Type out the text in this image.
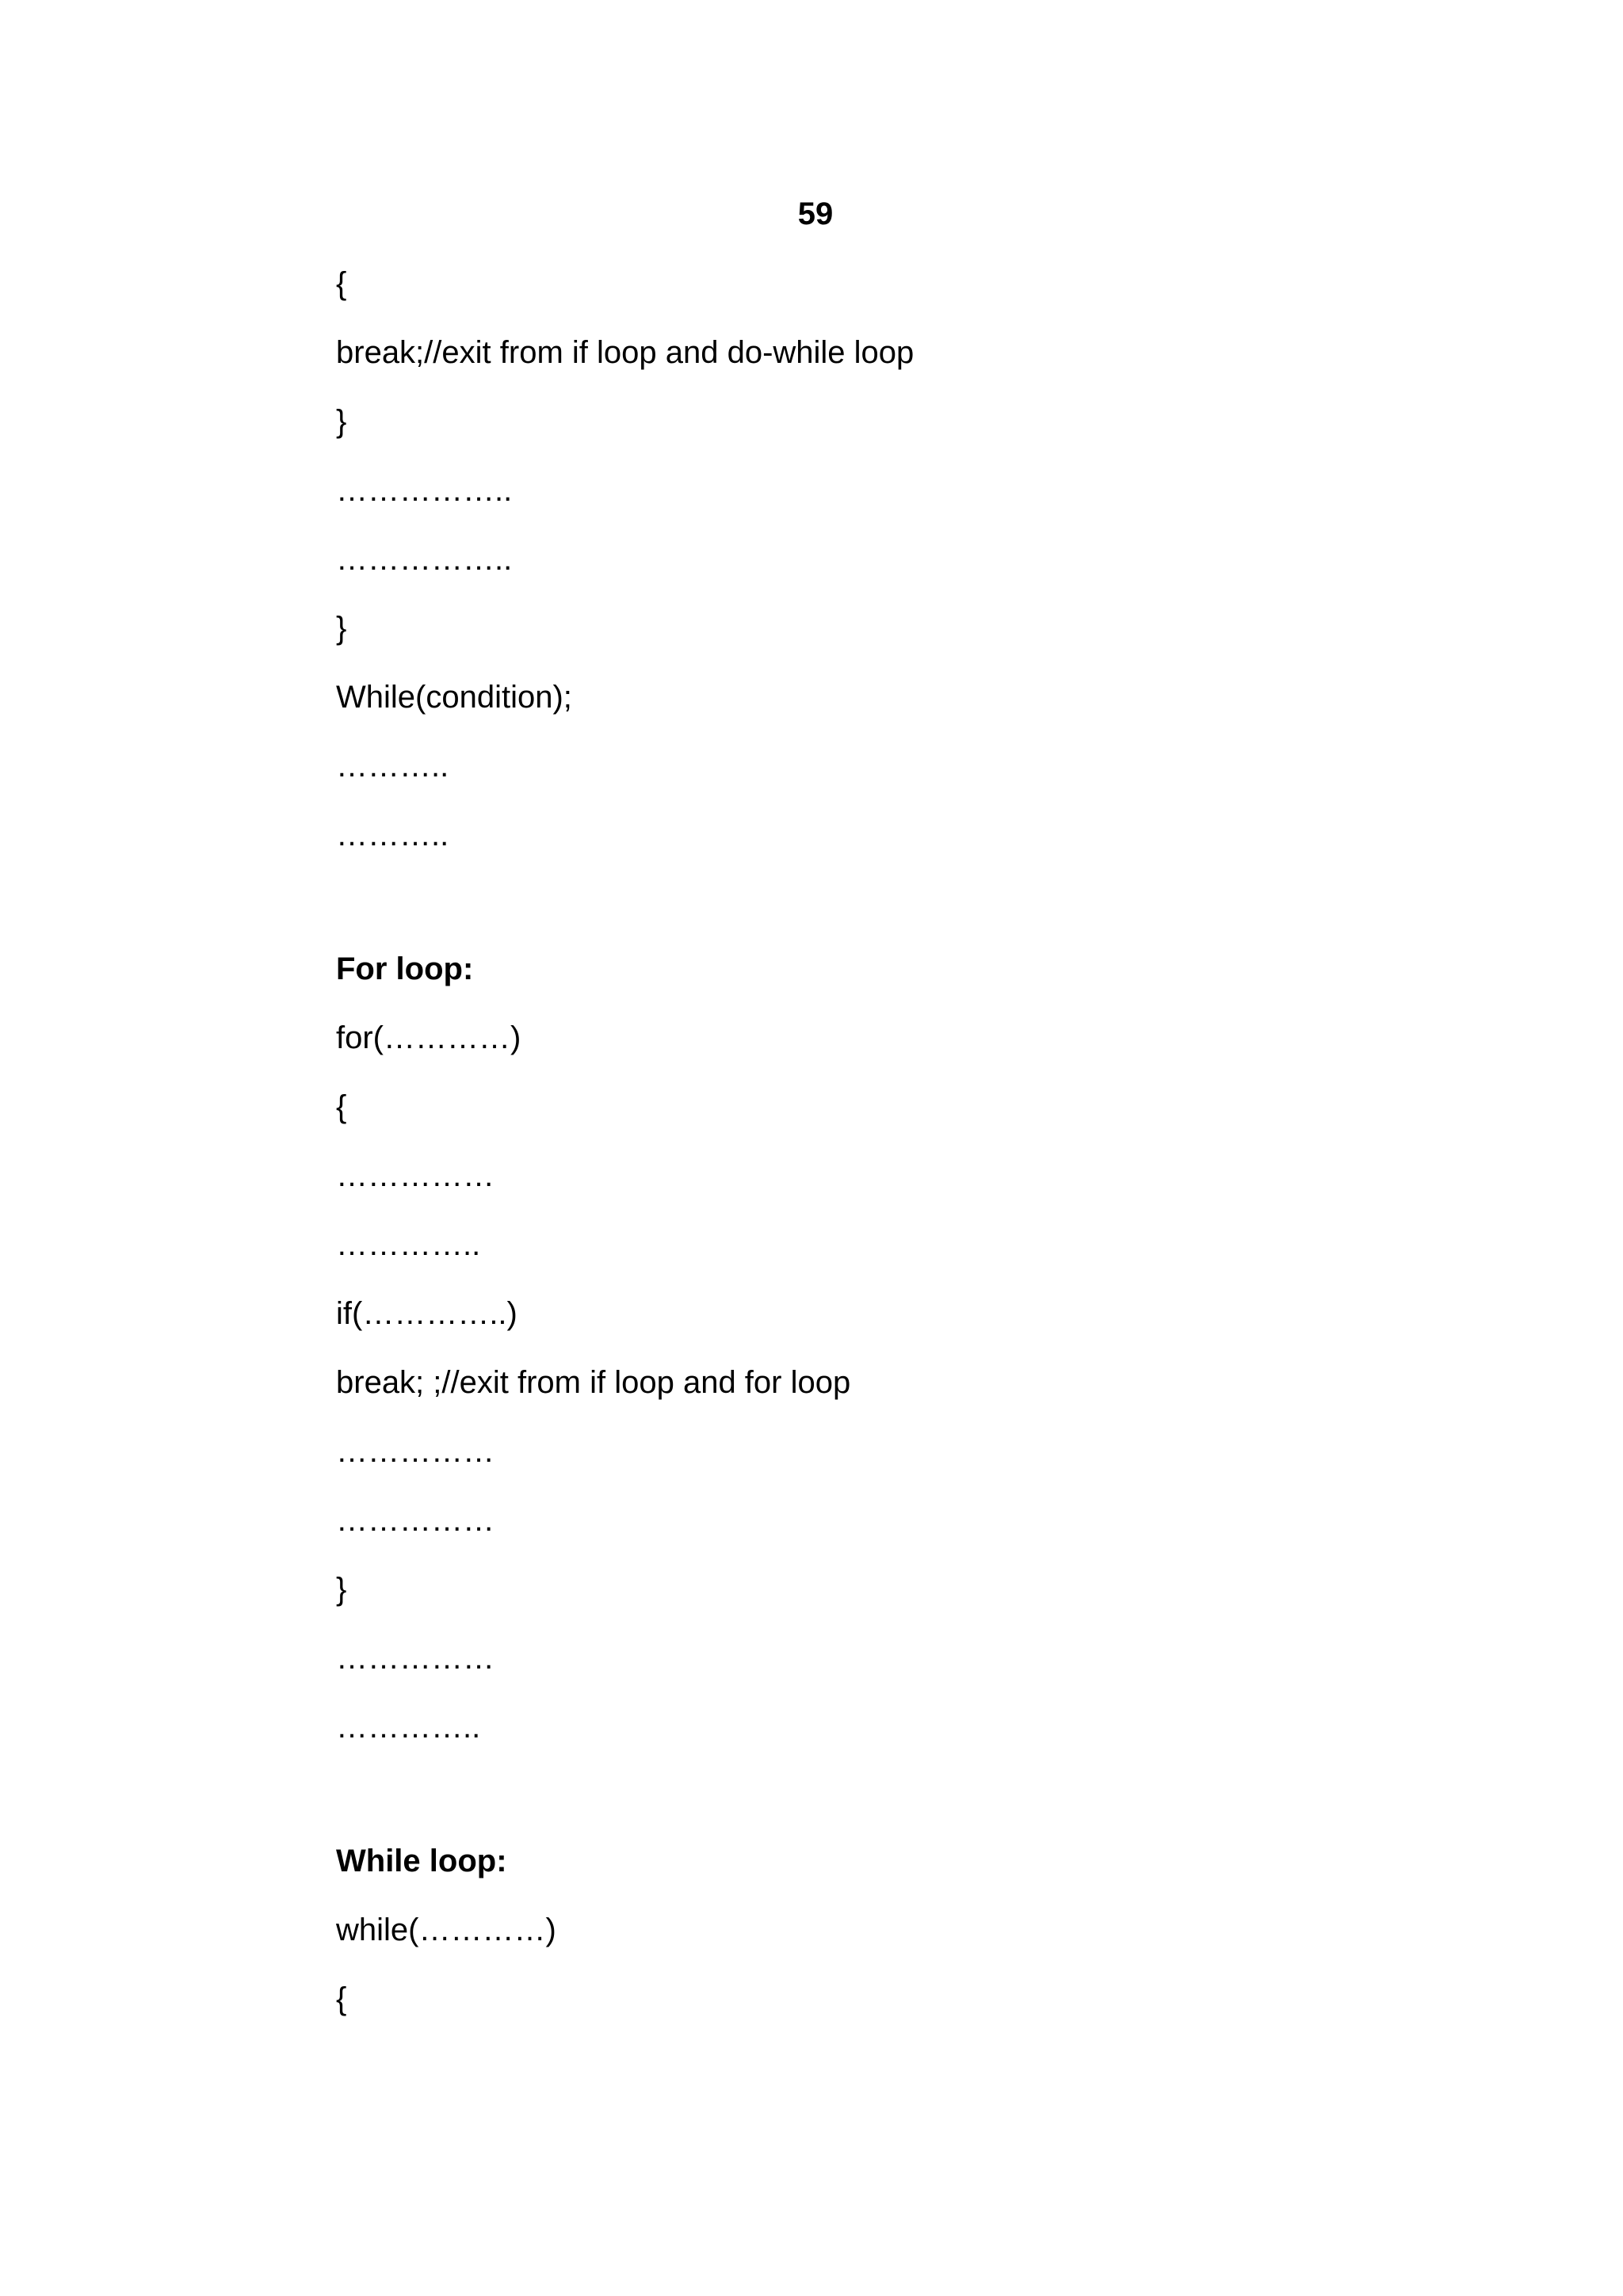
59
{
break;//exit from if loop and do-while loop
}
……………..
……………..
}
While(condition);
………..
………..
For loop:
for(…………)
{
……………
…………..
if(…………..)
break; ;//exit from if loop and for loop
……………
……………
}
……………
…………..
While loop:
while(…………)
{
